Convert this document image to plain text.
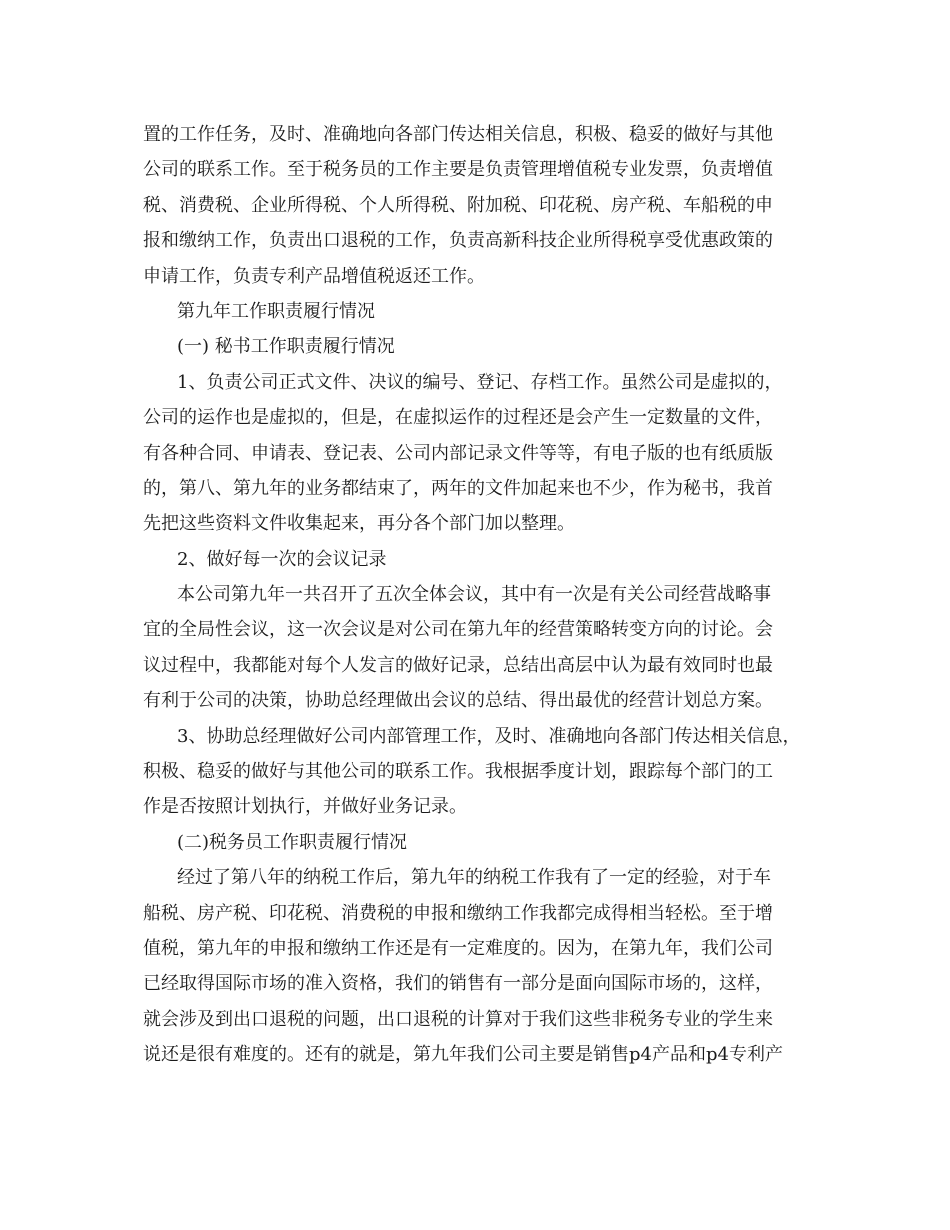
置的工作任务，及时、准确地向各部门传达相关信息，积极、稳妥的做好与其他
公司的联系工作。至于税务员的工作主要是负责管理增值税专业发票，负责增值
税、消费税、企业所得税、个人所得税、附加税、印花税、房产税、车船税的申
报和缴纳工作，负责出口退税的工作，负责高新科技企业所得税享受优惠政策的
申请工作，负责专利产品增值税返还工作。
第九年工作职责履行情况
(一) 秘书工作职责履行情况
1、负责公司正式文件、决议的编号、登记、存档工作。虽然公司是虚拟的，
公司的运作也是虚拟的，但是，在虚拟运作的过程还是会产生一定数量的文件，
有各种合同、申请表、登记表、公司内部记录文件等等，有电子版的也有纸质版
的，第八、第九年的业务都结束了，两年的文件加起来也不少，作为秘书，我首
先把这些资料文件收集起来，再分各个部门加以整理。
2、做好每一次的会议记录
本公司第九年一共召开了五次全体会议，其中有一次是有关公司经营战略事
宜的全局性会议，这一次会议是对公司在第九年的经营策略转变方向的讨论。会
议过程中，我都能对每个人发言的做好记录，总结出高层中认为最有效同时也最
有利于公司的决策，协助总经理做出会议的总结、得出最优的经营计划总方案。
3、协助总经理做好公司内部管理工作，及时、准确地向各部门传达相关信息，
积极、稳妥的做好与其他公司的联系工作。我根据季度计划，跟踪每个部门的工
作是否按照计划执行，并做好业务记录。
(二)税务员工作职责履行情况
经过了第八年的纳税工作后，第九年的纳税工作我有了一定的经验，对于车
船税、房产税、印花税、消费税的申报和缴纳工作我都完成得相当轻松。至于增
值税，第九年的申报和缴纳工作还是有一定难度的。因为，在第九年，我们公司
已经取得国际市场的准入资格，我们的销售有一部分是面向国际市场的，这样，
就会涉及到出口退税的问题，出口退税的计算对于我们这些非税务专业的学生来
说还是很有难度的。还有的就是，第九年我们公司主要是销售p4产品和p4专利产
